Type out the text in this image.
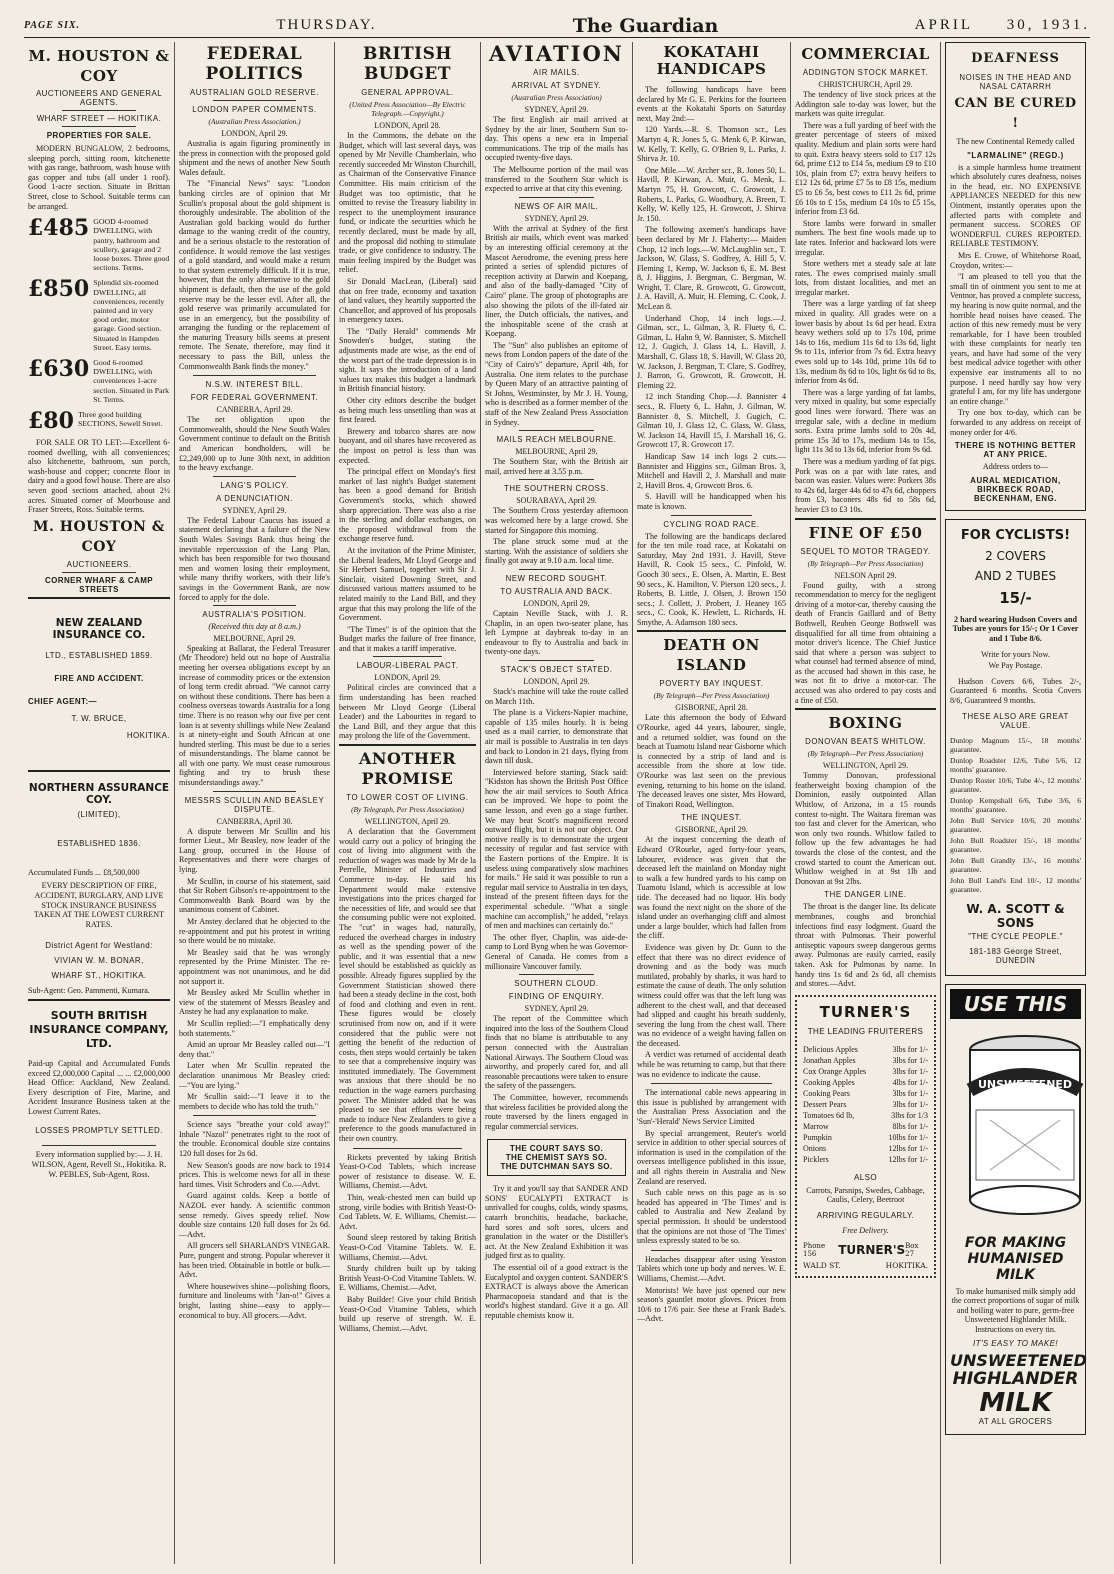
PAGE SIX.	THURSDAY.	The Guardian	APRIL 30, 1931.
M. HOUSTON & COY
AUCTIONEERS AND GENERAL AGENTS.
WHARF STREET — HOKITIKA.
PROPERTIES FOR SALE.

MODERN BUNGALOW, 2 bedrooms, sleeping porch, sitting room, kitchenette with gas range, bathroom, wash house with gas copper and tubs (all under 1 roof). Good 1-acre section. Situate in Brittan Street, close to School. Suitable terms can be arranged.

£485 GOOD 4-roomed DWELLING, with pantry, bathroom and scullery, garage and 2 loose boxes. Three good sections. Terms.
£850 Splendid six-roomed DWELLING, all conveniences, recently painted and in very good order, motor garage. Good section. Situated in Hampden Street. Easy terms.
£630 Good 6-roomed DWELLING, with conveniences 1-acre section. Situated in Park St. Terms.
£80 Three good building SECTIONS, Sewell Street.

FOR SALE OR TO LET:—Excellent 6-roomed dwelling, with all conveniences; also kitchenette, bathroom, sun porch, wash-house and copper; concrete floor in dairy and a good fowl house. There are also seven good sections attached, about 2½ acres. Situated corner of Moorhouse and Fraser Streets, Ross. Suitable terms.

M. HOUSTON & COY
AUCTIONEERS.
CORNER WHARF & CAMP STREETS
NEW ZEALAND INSURANCE CO.
LTD., ESTABLISHED 1859.
FIRE AND ACCIDENT.
CHIEF AGENT:—
T. W. BRUCE,
HOKITIKA.
NORTHERN ASSURANCE COY.
(LIMITED),
ESTABLISHED 1836.

Accumulated Funds ... £8,500,000

EVERY DESCRIPTION OF FIRE, ACCIDENT, BURGLARY, AND LIVE STOCK INSURANCE BUSINESS TAKEN AT THE LOWEST CURRENT RATES.

District Agent for Westland:
VIVIAN W. M. BONAR,
WHARF ST., HOKITIKA.

Sub-Agent: Geo. Pammenti, Kumara.

SOUTH BRITISH INSURANCE COMPANY, LTD.

Paid-up Capital and Accumulated Funds exceed £2,000,000 Capital ... ... £2,000,000 Head Office: Auckland, New Zealand. Every description of Fire, Marine, and Accident Insurance Business taken at the Lowest Current Rates.

LOSSES PROMPTLY SETTLED.

Every information supplied by:— J. H. WILSON, Agent, Revell St., Hokitika. R. W. PEBLES, Sub-Agent, Ross.

FEDERAL POLITICS
AUSTRALIAN GOLD RESERVE.
LONDON PAPER COMMENTS.
(Australian Press Association.)
LONDON, April 29.

Australia is again figuring prominently in the press in connection with the proposed gold shipment and the news of another New South Wales default.

The "Financial News" says: "London banking circles are of opinion that Mr Scullin's proposal about the gold shipment is thoroughly undesirable. The abolition of the Australian gold backing would do further damage to the waning credit of the country, and be a serious obstacle to the restoration of confidence. It would remove the last vestiges of a gold standard, and would make a return to that system extremely difficult. If it is true, however, that the only alternative to the gold shipment is default, then the use of the gold reserve may be the lesser evil. After all, the gold reserve was primarily accumulated for use in an emergency, but the possibility of arranging the funding or the replacement of the maturing Treasury bills seems at present remote. The Senate, therefore, may find it necessary to pass the Bill, unless the Commonwealth Bank finds the money."

N.S.W. INTEREST BILL.
FOR FEDERAL GOVERNMENT.
CANBERRA, April 29.

The net obligation upon the Commonwealth, should the New South Wales Government continue to default on the British and American bondholders, will be £2,249,000 up to June 30th next, in addition to the heavy exchange.

LANG'S POLICY.
A DENUNCIATION.
SYDNEY, April 29.

The Federal Labour Caucus has issued a statement declaring that a failure of the New South Wales Savings Bank thus being the inevitable repercussion of the Lang Plan, which has been responsible for two thousand men and women losing their employment, while many thrifty workers, with their life's savings in the Government Bank, are now forced to apply for the dole.

AUSTRALIA'S POSITION.

(Received this day at 8 a.m.)

MELBOURNE, April 29.

Speaking at Ballarat, the Federal Treasurer (Mr Theodore) held out no hope of Australia meeting her oversea obligations except by an increase of commodity prices or the extension of long term credit abroad. "We cannot carry on without these conditions. There has been a coolness overseas towards Australia for a long time. There is no reason why our five per cent loan is at seventy shillings while New Zealand is at ninety-eight and South African at one hundred sterling. This must be due to a series of misunderstandings. The blame cannot be all with one party. We must cease rumourous fighting and try to brush these misunderstandings away."

MESSRS SCULLIN AND BEASLEY DISPUTE.
CANBERRA, April 30.

A dispute between Mr Scullin and his former Lieut., Mr Beasley, now leader of the Lang group, occurred in the House of Representatives and there were charges of lying.

Mr Scullin, in course of his statement, said that Sir Robert Gibson's re-appointment to the Commonwealth Bank Board was by the unanimous consent of Cabinet.

Mr Anstey declared that he objected to the re-appointment and put his protest in writing so there would be no mistake.

Mr Beasley said that he was wrongly represented by the Prime Minister. The re-appointment was not unanimous, and he did not support it.

Mr Beasley asked Mr Scullin whether in view of the statement of Messrs Beasley and Anstey he had any explanation to make.

Mr Scullin replied:—"I emphatically deny both statements."

Amid an uproar Mr Beasley called out—"I deny that."

Later when Mr Scullin repeated the declaration unanimous Mr Beasley cried:—"You are lying."

Mr Scullin said:—"I leave it to the members to decide who has told the truth."

Science says "breathe your cold away!" Inhale "Nazol" penetrates right to the root of the trouble. Economical double size contains 120 full doses for 2s 6d.

New Season's goods are now back to 1914 prices. This is welcome news for all in these hard times. Visit Schroders and Co.—Advt.

Guard against colds. Keep a bottle of NAZOL ever handy. A scientific common sense remedy. Gives speedy relief. Now double size contains 120 full doses for 2s 6d.—Advt.

All grocers sell SHARLAND'S VINEGAR. Pure, pungent and strong. Popular wherever it has been tried. Obtainable in bottle or bulk.—Advt.

Where housewives shine—polishing floors, furniture and linoleums with "Jan-o!" Gives a bright, lasting shine—easy to apply—economical to buy. All grocers.—Advt.

BRITISH BUDGET
GENERAL APPROVAL.
(United Press Association—By Electric Telegraph.—Copyright.)
LONDON, April 28.

In the Commons, the debate on the Budget, which will last several days, was opened by Mr Neville Chamberlain, who recently succeeded Mr Winston Churchill, as Chairman of the Conservative Finance Committee. His main criticism of the Budget was too optimistic, that he omitted to revise the Treasury liability in respect to the unemployment insurance fund, or indicate the securities which he recently declared, must be made by all, and the proposal did nothing to stimulate trade, or give confidence to industry. The main feeling inspired by the Budget was relief.

Sir Donald MacLean, (Liberal) said that on free trade, economy and taxation of land values, they heartily supported the Chancellor, and approved of his proposals in emergency taxes.

The "Daily Herald" commends Mr Snowden's budget, stating the adjustments made are wise, as the end of the worst part of the trade depression is in sight. It says the introduction of a land values tax makes this budget a landmark in British financial history.

Other city editors describe the budget as being much less unsettling than was at first feared.

Brewery and tobacco shares are now buoyant, and oil shares have recovered as the impost on petrol is less than was expected.

The principal effect on Monday's first market of last night's Budget statement has been a good demand for British Government's stocks, which showed sharp appreciation. There was also a rise in the sterling and dollar exchanges, on the proposed withdrawal from the exchange reserve fund.

At the invitation of the Prime Minister, the Liberal leaders, Mr Lloyd George and Sir Herbert Samuel, together with Sir J. Sinclair, visited Downing Street, and discussed various matters assumed to be related mainly to the Land Bill, and they argue that this may prolong the life of the Government.

"The Times" is of the opinion that the Budget marks the failure of free finance, and that it makes a tariff imperative.

LABOUR-LIBERAL PACT.
LONDON, April 29.

Political circles are convinced that a firm understanding has been reached between Mr Lloyd George (Liberal Leader) and the Labourites in regard to the Land Bill, and they argue that this may prolong the life of the Government.

ANOTHER PROMISE
TO LOWER COST OF LIVING.
(By Telegraph, Per Press Association)
WELLINGTON, April 29.

A declaration that the Government would carry out a policy of bringing the cost of living into alignment with the reduction of wages was made by Mr de la Perrelle, Minister of Industries and Commerce to-day. He said his Department would make extensive investigations into the prices charged for the necessities of life, and would see that the consuming public were not exploited. The "cut" in wages had, naturally, reduced the overhead charges in industry as well as the spending power of the public, and it was essential that a new level should be established as quickly as possible. Already figures supplied by the Government Statistician showed there had been a steady decline in the cost, both of food and clothing and even in rent. These figures would be closely scrutinised from now on, and if it were considered that the public were not getting the benefit of the reduction of costs, then steps would certainly be taken to see that a comprehensive inquiry was instituted immediately. The Government was anxious that there should be no reduction in the wage earners purchasing power. The Minister added that he was pleased to see that efforts were being made to induce New Zealanders to give a preference to the goods manufactured in their own country.

Rickets prevented by taking British Yeast-O-Cod Tablets, which increase power of resistance to disease. W. E. Williams, Chemist.—Advt.

Thin, weak-chested men can build up strong, virile bodies with British Yeast-O-Cod Tablets. W. E. Williams, Chemist.—Advt.

Sound sleep restored by taking British Yeast-O-Cod Vitamine Tablets. W. E. Williams, Chemist.—Advt.

Sturdy children built up by taking British Yeast-O-Cod Vitamine Tablets. W. E. Williams, Chemist.—Advt.

Baby Builder! Give your child British Yeast-O-Cod Vitamine Tablets, which build up reserve of strength. W. E. Williams, Chemist.—Advt.

AVIATION
AIR MAILS.
ARRIVAL AT SYDNEY.
(Australian Press Association)
SYDNEY, April 29.

The first English air mail arrived at Sydney by the air liner, Southern Sun to-day. This opens a new era in Imperial communications. The trip of the mails has occupied twenty-five days.

The Melbourne portion of the mail was transferred to the Southern Star which is expected to arrive at that city this evening.

NEWS OF AIR MAIL.
SYDNEY, April 29.

With the arrival at Sydney of the first British air mails, which event was marked by an interesting official ceremony at the Mascot Aerodrome, the evening press here printed a series of splendid pictures of reception activity at Darwin and Koepang, and also of the badly-damaged "City of Cairo" plane. The group of photographs are also showing the pilots of the ill-fated air liner, the Dutch officials, the natives, and the inhospitable scene of the crash at Koepang.

The "Sun" also publishes an epitome of news from London papers of the date of the "City of Cairo's" departure, April 4th, for Australia. One item relates to the purchase by Queen Mary of an attractive painting of St Johns, Westminster, by Mr J. H. Young, who is described as a former member of the staff of the New Zealand Press Association in Sydney.

MAILS REACH MELBOURNE.
MELBOURNE, April 29.

The Southern Star, with the British air mail, arrived here at 3.55 p.m.

THE SOUTHERN CROSS.
SOURABAYA, April 29.

The Southern Cross yesterday afternoon was welcomed here by a large crowd. She started for Singapore this morning.

The plane struck some mud at the starting. With the assistance of soldiers she finally got away at 9.10 a.m. local time.

NEW RECORD SOUGHT.
TO AUSTRALIA AND BACK.
LONDON, April 29.

Captain Neville Stack, with J. R. Chaplin, in an open two-seater plane, has left Lympne at daybreak to-day in an endeavour to fly to Australia and back in twenty-one days.

STACK'S OBJECT STATED.
LONDON, April 29.

Stack's machine will take the route called on March 11th.

The plane is a Vickers-Napier machine, capable of 135 miles hourly. It is being used as a mail carrier, to demonstrate that air mail is possible to Australia in ten days and back to London in 21 days, flying from dawn till dusk.

Interviewed before starting, Stack said: "Kidston has shown the British Post Office how the air mail services to South Africa can be improved. We hope to point the same lesson, and even go a stage further. We may beat Scott's magnificent record outward flight, but it is not our object. Our motive really is to demonstrate the urgent necessity of regular and fast service with the Eastern portions of the Empire. It is useless using comparatively slow machines for mails." He said it was possible to run a regular mail service to Australia in ten days, instead of the present fifteen days for the experimental schedule. "What a single machine can accomplish," he added, "relays of men and machines can certainly do."

The other flyer, Chaplin, was aide-de-camp to Lord Byng when he was Governor-General of Canada. He comes from a millionaire Vancouver family.

SOUTHERN CLOUD.
FINDING OF ENQUIRY.
SYDNEY, April 29.

The report of the Committee which inquired into the loss of the Southern Cloud finds that no blame is attributable to any person connected with the Australian National Airways. The Southern Cloud was airworthy, and properly cared for, and all reasonable precautions were taken to ensure the safety of the passengers.

The Committee, however, recommends that wireless facilities be provided along the route traversed by the liners engaged in regular commercial services.

THE COURT SAYS SO.
THE CHEMIST SAYS SO.
THE DUTCHMAN SAYS SO.

Try it and you'll say that SANDER AND SONS' EUCALYPTI EXTRACT is unrivalled for coughs, colds, windy spasms, catarrh bronchitis, headache, backache, hard sores and soft sores, ulcers and granulation in the water or the Distiller's act. At the New Zealand Exhibition it was judged first as to quality.

The essential oil of a good extract is the Eucalyptol and oxygen content. SANDER'S EXTRACT is always above the American Pharmacopoeia standard and that is the world's highest standard. Give it a go. All reputable chemists know it.

KOKATAHI HANDICAPS

The following handicaps have been declared by Mr G. E. Perkins for the fourteen events at the Kokatahi Sports on Saturday next, May 2nd:—

120 Yards.—R. S. Thomson scr., Les Martyn 4, R. Jones 5, G. Menk 6, P. Kirwan, W. Kelly, T. Kelly, G. O'Brien 9, L. Parks, J. Shirva Jr. 10.

One Mile.—W. Archer scr., R. Jones 50, L. Havill, P. Kirwan, A. Muir, G. Menk, L. Martyn 75, H. Growcott, C. Growcott, J. Roberts, L. Parks, G. Woodbury, A. Breen, T. Kelly, W. Kelly 125, H. Growcott, J. Shirva Jr. 150.

The following axemen's handicaps have been declared by Mr J. Flaherty:— Maiden Chop, 12 inch logs.—W. McLaughlin scr., T. Jackson, W. Glass, S. Godfrey, A. Hill 5, V. Fleming 1, Kemp, W. Jackson 6, E. M. Best 8, J. Higgins, J. Bergman, C. Bergman, W. Wright, T. Clare, R. Growcott, G. Growcott, J. A. Havill, A. Muir, H. Fleming, C. Cook, J. McLean 8.

Underhand Chop, 14 inch logs.—J. Gilman, scr., L. Gilman, 3, R. Fluety 6, C. Gilman, L. Hahn 9, W. Bannister, S. Mitchell 12, J. Gugich, J. Glass 14, L. Havill, J. Marshall, C. Glass 18, S. Havill, W. Glass 20, W. Jackson, J. Bergman, T. Clare, S. Godfrey, J. Barron, G. Growcott, R. Growcott, H. Fleming 22.

12 inch Standing Chop.—J. Bannister 4 secs., R. Fluety 6, L. Hahn, J. Gilman, W. Bannister 8, S. Mitchell, J. Gugich, C. Gilman 10, J. Glass 12, C. Glass, W. Glass, W. Jackson 14, Havill 15, J. Marshall 16, G. Growcott 17, R. Growcott 17.

Handicap Saw 14 inch logs 2 cuts.—Bannister and Higgins scr., Gilman Bros. 3, Mitchell and Havill 2, J. Marshall and mate 2, Havill Bros. 4, Growcott Bros. 6.

S. Havill will be handicapped when his mate is known.

CYCLING ROAD RACE.

The following are the handicaps declared for the ten mile road race, at Kokatahi on Saturday, May 2nd 1931. J. Havill, Steve Havill, R. Cook 15 secs., C. Pinfold, W. Gooch 30 secs., E. Olsen, A. Martin, E. Best 90 secs., K. Hamilton, V. Pierson 120 secs., J. Roberts, B. Little, J. Olsen, J. Brown 150 secs.; J. Collett, J. Probert, J. Heaney 165 secs., C. Cook, K. Hewlett, L. Richards, H. Smythe, A. Adamson 180 secs.

DEATH ON ISLAND
POVERTY BAY INQUEST.
(By Telegraph—Per Press Association)
GISBORNE, April 28.

Late this afternoon the body of Edward O'Rourke, aged 44 years, labourer, single, and a returned soldier, was found on the beach at Tuamotu Island near Gisborne which is connected by a strip of land and is accessible from the shore at low tide. O'Rourke was last seen on the previous evening, returning to his home on the island. The deceased leaves one sister, Mrs Howard, of Tinakori Road, Wellington.

THE INQUEST.
GISBORNE, April 29.

At the inquest concerning the death of Edward O'Rourke, aged forty-four years, labourer, evidence was given that the deceased left the mainland on Monday night to walk a few hundred yards to his camp on Tuamotu Island, which is accessible at low tide. The deceased had no liquor. His body was found the next night on the shore of the island under an overhanging cliff and almost under a large boulder, which had fallen from the cliff.

Evidence was given by Dr. Gunn to the effect that there was no direct evidence of drowning and as the body was much mutilated, probably by sharks, it was hard to estimate the cause of death. The only solution witness could offer was that the left lung was adherent to the chest wall, and that deceased had slipped and caught his breath suddenly, severing the lung from the chest wall. There was no evidence of a weight having fallen on the deceased.

A verdict was returned of accidental death while he was returning to camp, but that there was no evidence to indicate the cause.

The international cable news appearing in this issue is published by arrangement with the Australian Press Association and the 'Sun'-'Herald' News Service Limited

By special arrangement, Reuter's world service in addition to other special sources of information is used in the compilation of the overseas intelligence published in this issue, and all rights therein in Australia and New Zealand are reserved.

Such cable news on this page as is so headed has appeared in 'The Times' and is cabled to Australia and New Zealand by special permission. It should be understood that the opinions are not those of 'The Times' unless expressly stated to be so.

Headaches disappear after using Yeaston Tablets which tone up body and nerves. W. E. Williams, Chemist.—Advt.

Motorists! We have just opened our new season's gauntlet motor gloves. Prices from 10/6 to 17/6 pair. See these at Frank Bade's.—Advt.

COMMERCIAL
ADDINGTON STOCK MARKET.
CHRISTCHURCH, April 29.

The tendency of live stock prices at the Addington sale to-day was lower, but the markets was quite irregular.

There was a full yarding of beef with the greater percentage of steers of mixed quality. Medium and plain sorts were hard to quit. Extra heavy steers sold to £17 12s 6d, prime £12 to £14 5s, medium £9 to £10 10s, plain from £7; extra heavy heifers to £12 12s 6d, prime £7 5s to £8 15s, medium £5 to £6 5s, best cows to £11 2s 6d, prime £6 10s to £ 15s, medium £4 10s to £5 15s, inferior from £3 6d.

Store lambs were forward in smaller numbers. The best fine wools made up to late rates. Inferior and backward lots were irregular.

Store wethers met a steady sale at late rates. The ewes comprised mainly small lots, from distant localities, and met an irregular market.

There was a large yarding of fat sheep mixed in quality. All grades were on a lower basis by about 1s 6d per head. Extra heavy wethers sold up to 17s 10d, prime 14s to 16s, medium 11s 6d to 13s 6d, light 9s to 11s, inferior from 7s 6d. Extra heavy ewes sold up to 14s 10d, prime 10s 6d to 13s, medium 8s 6d to 10s, light 6s 6d to 8s, inferior from 4s 6d.

There was a large yarding of fat lambs, very mixed in quality, but some especially good lines were forward. There was an irregular sale, with a decline in medium sorts. Extra prime lambs sold to 20s 4d, prime 15s 3d to 17s, medium 14s to 15s, light 11s 3d to 13s 6d, inferior from 9s 6d.

There was a medium yarding of fat pigs. Pork was on a par with late rates, and bacon was easier. Values were: Porkers 38s to 42s 6d, larger 44s 6d to 47s 6d, choppers from £3, baconers 48s 6d to 58s 6d, heavier £3 to £3 10s.

FINE OF £50
SEQUEL TO MOTOR TRAGEDY.
(By Telegraph—Per Press Association)
NELSON April 29.

Found guilty, with a strong recommendation to mercy for the negligent driving of a motor-car, thereby causing the death of Francis Gaillard and of Betty Bothwell, Reuben George Bothwell was disqualified for all time from obtaining a motor driver's licence. The Chief Justice said that where a person was subject to what counsel had termed absence of mind, as the accused had shown in this case, he was not fit to drive a motor-car. The accused was also ordered to pay costs and a fine of £50.

BOXING
DONOVAN BEATS WHITLOW.
(By Telegraph—Per Press Association)
WELLINGTON, April 29.

Tommy Donovan, professional featherweight boxing champion of the Dominion, easily outpointed Allan Whitlow, of Arizona, in a 15 rounds contest to-night. The Waitara fireman was too fast and clever for the American, who won only two rounds. Whitlow failed to follow up the few advantages he had towards the close of the contest, and the crowd started to count the American out. Whitlow weighed in at 9st 1lb and Donovan at 9st 2lbs.

THE DANGER LINE.

The throat is the danger line. Its delicate membranes, coughs and bronchial infections find easy lodgment. Guard the throat with Pulmonas. Their powerful antiseptic vapours sweep dangerous germs away. Pulmonas are easily carried, easily taken. Ask for Pulmonas by name. In handy tins 1s 6d and 2s 6d, all chemists and stores.—Advt.

TURNER'S
THE LEADING FRUITERERS
Delicious Apples	3lbs for 1/-
Jonathan Apples	3lbs for 1/-
Cox Orange Apples	3lbs for 1/-
Cooking Apples	4lbs for 1/-
Cooking Pears	3lbs for 1/-
Dessert Pears	3lbs for 1/-
Tomatoes 6d lb,	3lbs for 1/3
Marrow	8lbs for 1/-
Pumpkin	10lbs for 1/-
Onions	12lbs for 1/-
Picklers	12lbs for 1/-
ALSO

Carrots, Parsnips, Swedes, Cabbage, Caulis, Celery, Beetroot

ARRIVING REGULARLY.

Free Delivery.

Phone 156	TURNER'S Box 27
WALD ST.	HOKITIKA.
DEAFNESS
NOISES IN THE HEAD AND NASAL CATARRH
CAN BE CURED !

The new Continental Remedy called

"LARMALINE" (REGD.)

is a simple harmless home treatment which absolutely cures deafness, noises in the head, etc. NO EXPENSIVE APPLIANCES NEEDED for this new Ointment, instantly operates upon the affected parts with complete and permanent success. SCORES OF WONDERFUL CURES REPORTED. RELIABLE TESTIMONY.

Mrs E. Crowe, of Whitehorse Road, Croydon, writes:—

"I am pleased to tell you that the small tin of ointment you sent to me at Ventnor, has proved a complete success, my hearing is now quite normal, and the horrible head noises have ceased. The action of this new remedy must be very remarkable, for I have been troubled with these complaints for nearly ten years, and have had some of the very best medical advice together with other expensive ear instruments all to no purpose. I need hardly say how very grateful I am, for my life has undergone an entire change."

Try one box to-day, which can be forwarded to any address on receipt of money order for 4/6.

THERE IS NOTHING BETTER AT ANY PRICE.

Address orders to—

AURAL MEDICATION, BIRKBECK ROAD, BECKENHAM, ENG.
FOR CYCLISTS!
2 COVERS
AND 2 TUBES
15/-

2 hard wearing Hudson Covers and Tubes are yours for 15/-; Or 1 Cover and 1 Tube 8/6.

Write for yours Now.

We Pay Postage.

Hudson Covers 6/6, Tubes 2/-, Guaranteed 6 months. Scotia Covers 8/6, Guaranteed 9 months.

THESE ALSO ARE GREAT VALUE.

Dunlop Magnum 15/-, 18 months' guarantee.

Dunlop Roadster 12/6, Tube 5/6, 12 months' guarantee.

Dunlop Roster 10/6, Tube 4/-, 12 months' guarantee.

Dunlop Kempshall 6/6, Tube 3/6, 6 months' guarantee.

John Bull Service 10/6, 20 months' guarantee.

John Bull Roadster 15/-, 18 months' guarantee.

John Bull Grandly 13/-, 16 months' guarantee.

John Bull Land's End 10/-, 12 months' guarantee.

W. A. SCOTT & SONS
"THE CYCLE PEOPLE."
181-183 George Street, DUNEDIN
USE THIS
UNSWEETENED
FOR MAKING HUMANISED MILK

To make humanised milk simply add the correct proportions of sugar of milk and boiling water to pure, germ-free Unsweetened Highlander Milk. Instructions on every tin.

IT'S EASY TO MAKE!
UNSWEETENED
HIGHLANDER
MILK
AT ALL GROCERS
